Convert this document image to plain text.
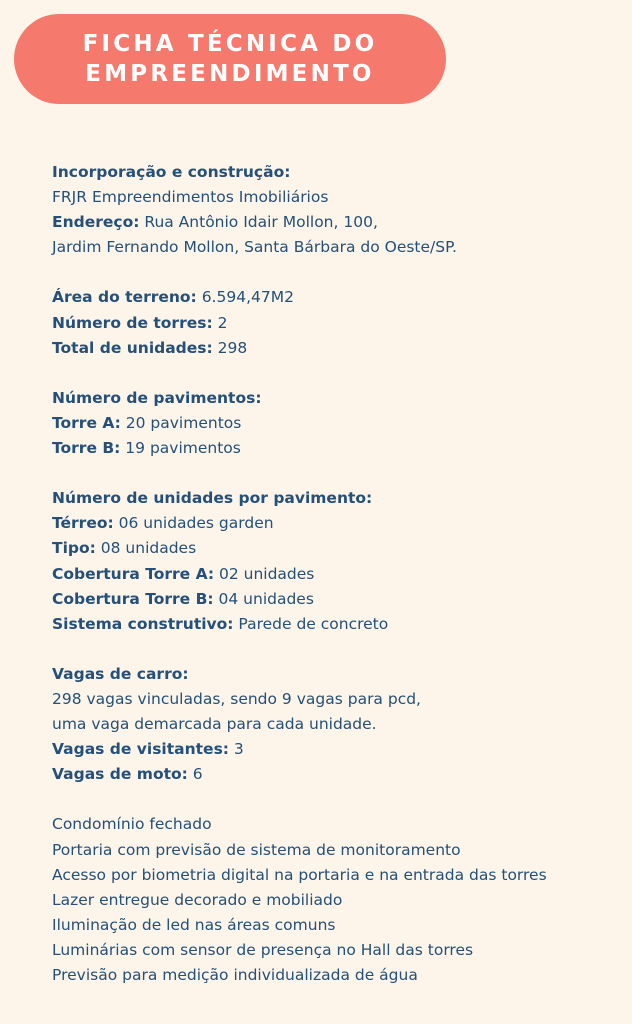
FICHA TÉCNICA DO
EMPREENDIMENTO
Incorporação e construção:
FRJR Empreendimentos Imobiliários
Endereço: Rua Antônio Idair Mollon, 100,
Jardim Fernando Mollon, Santa Bárbara do Oeste/SP.
Área do terreno: 6.594,47M2
Número de torres: 2
Total de unidades: 298
Número de pavimentos:
Torre A: 20 pavimentos
Torre B: 19 pavimentos
Número de unidades por pavimento:
Térreo: 06 unidades garden
Tipo: 08 unidades
Cobertura Torre A: 02 unidades
Cobertura Torre B: 04 unidades
Sistema construtivo: Parede de concreto
Vagas de carro:
298 vagas vinculadas, sendo 9 vagas para pcd,
uma vaga demarcada para cada unidade.
Vagas de visitantes: 3
Vagas de moto: 6
Condomínio fechado
Portaria com previsão de sistema de monitoramento
Acesso por biometria digital na portaria e na entrada das torres
Lazer entregue decorado e mobiliado
Iluminação de led nas áreas comuns
Luminárias com sensor de presença no Hall das torres
Previsão para medição individualizada de água
